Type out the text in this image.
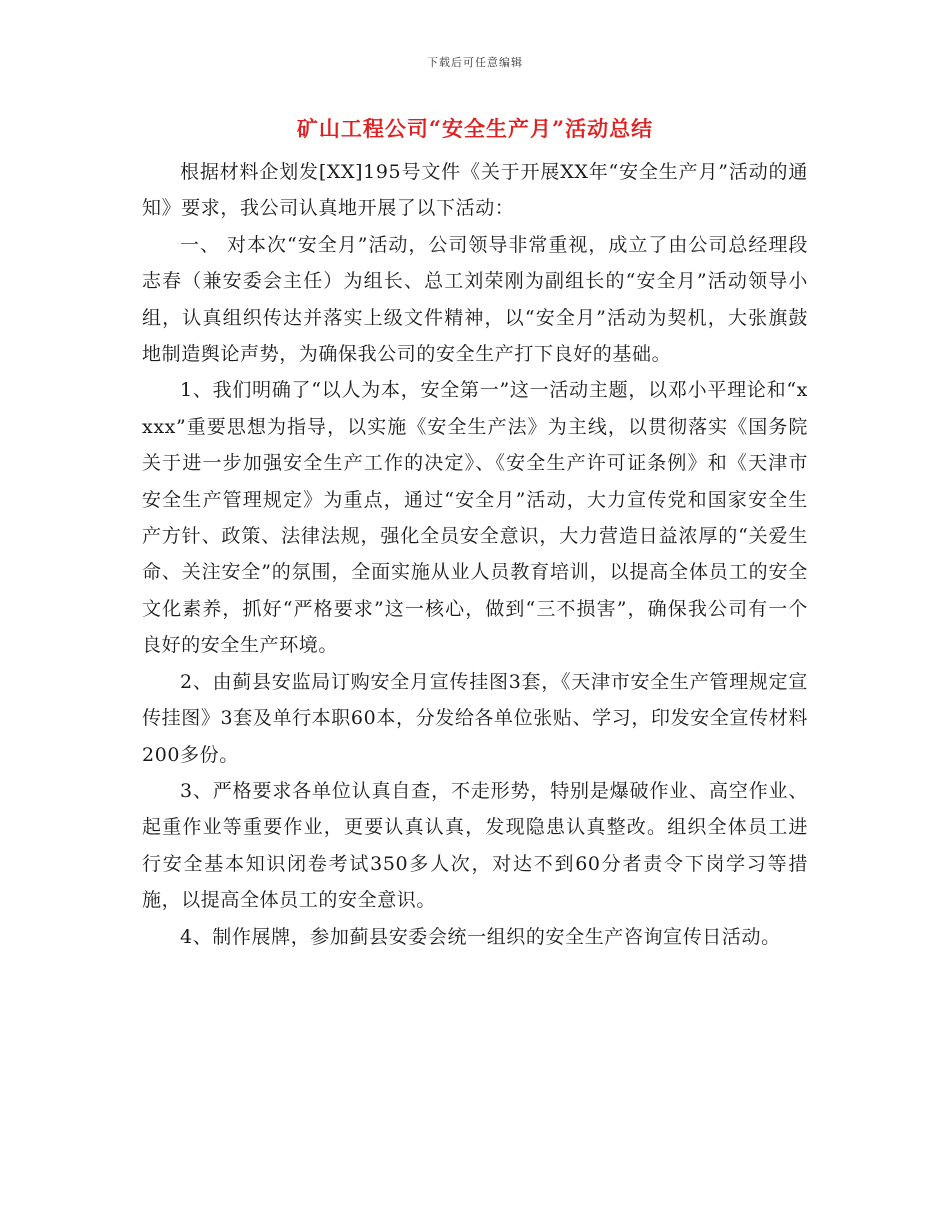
下载后可任意编辑
矿山工程公司“安全生产月”活动总结

根据材料企划发[XX]195号文件《关于开展XX年“安全生产月”活动的通知》要求，我公司认真地开展了以下活动：

一、 对本次“安全月”活动，公司领导非常重视，成立了由公司总经理段志春（兼安委会主任）为组长、总工刘荣刚为副组长的“安全月”活动领导小组，认真组织传达并落实上级文件精神，以“安全月”活动为契机，大张旗鼓地制造舆论声势，为确保我公司的安全生产打下良好的基础。

1、我们明确了“以人为本，安全第一”这一活动主题，以邓小平理论和“xxxx”重要思想为指导，以实施《安全生产法》为主线，以贯彻落实《国务院关于进一步加强安全生产工作的决定》、《安全生产许可证条例》和《天津市安全生产管理规定》为重点，通过“安全月”活动，大力宣传党和国家安全生产方针、政策、法律法规，强化全员安全意识，大力营造日益浓厚的“关爱生命、关注安全”的氛围，全面实施从业人员教育培训，以提高全体员工的安全文化素养，抓好“严格要求”这一核心，做到“三不损害”，确保我公司有一个良好的安全生产环境。

2、由蓟县安监局订购安全月宣传挂图3套，《天津市安全生产管理规定宣传挂图》3套及单行本职60本，分发给各单位张贴、学习，印发安全宣传材料200多份。

3、严格要求各单位认真自查，不走形势，特别是爆破作业、高空作业、起重作业等重要作业，更要认真认真，发现隐患认真整改。组织全体员工进行安全基本知识闭卷考试350多人次，对达不到60分者责令下岗学习等措施，以提高全体员工的安全意识。

4、制作展牌，参加蓟县安委会统一组织的安全生产咨询宣传日活动。
